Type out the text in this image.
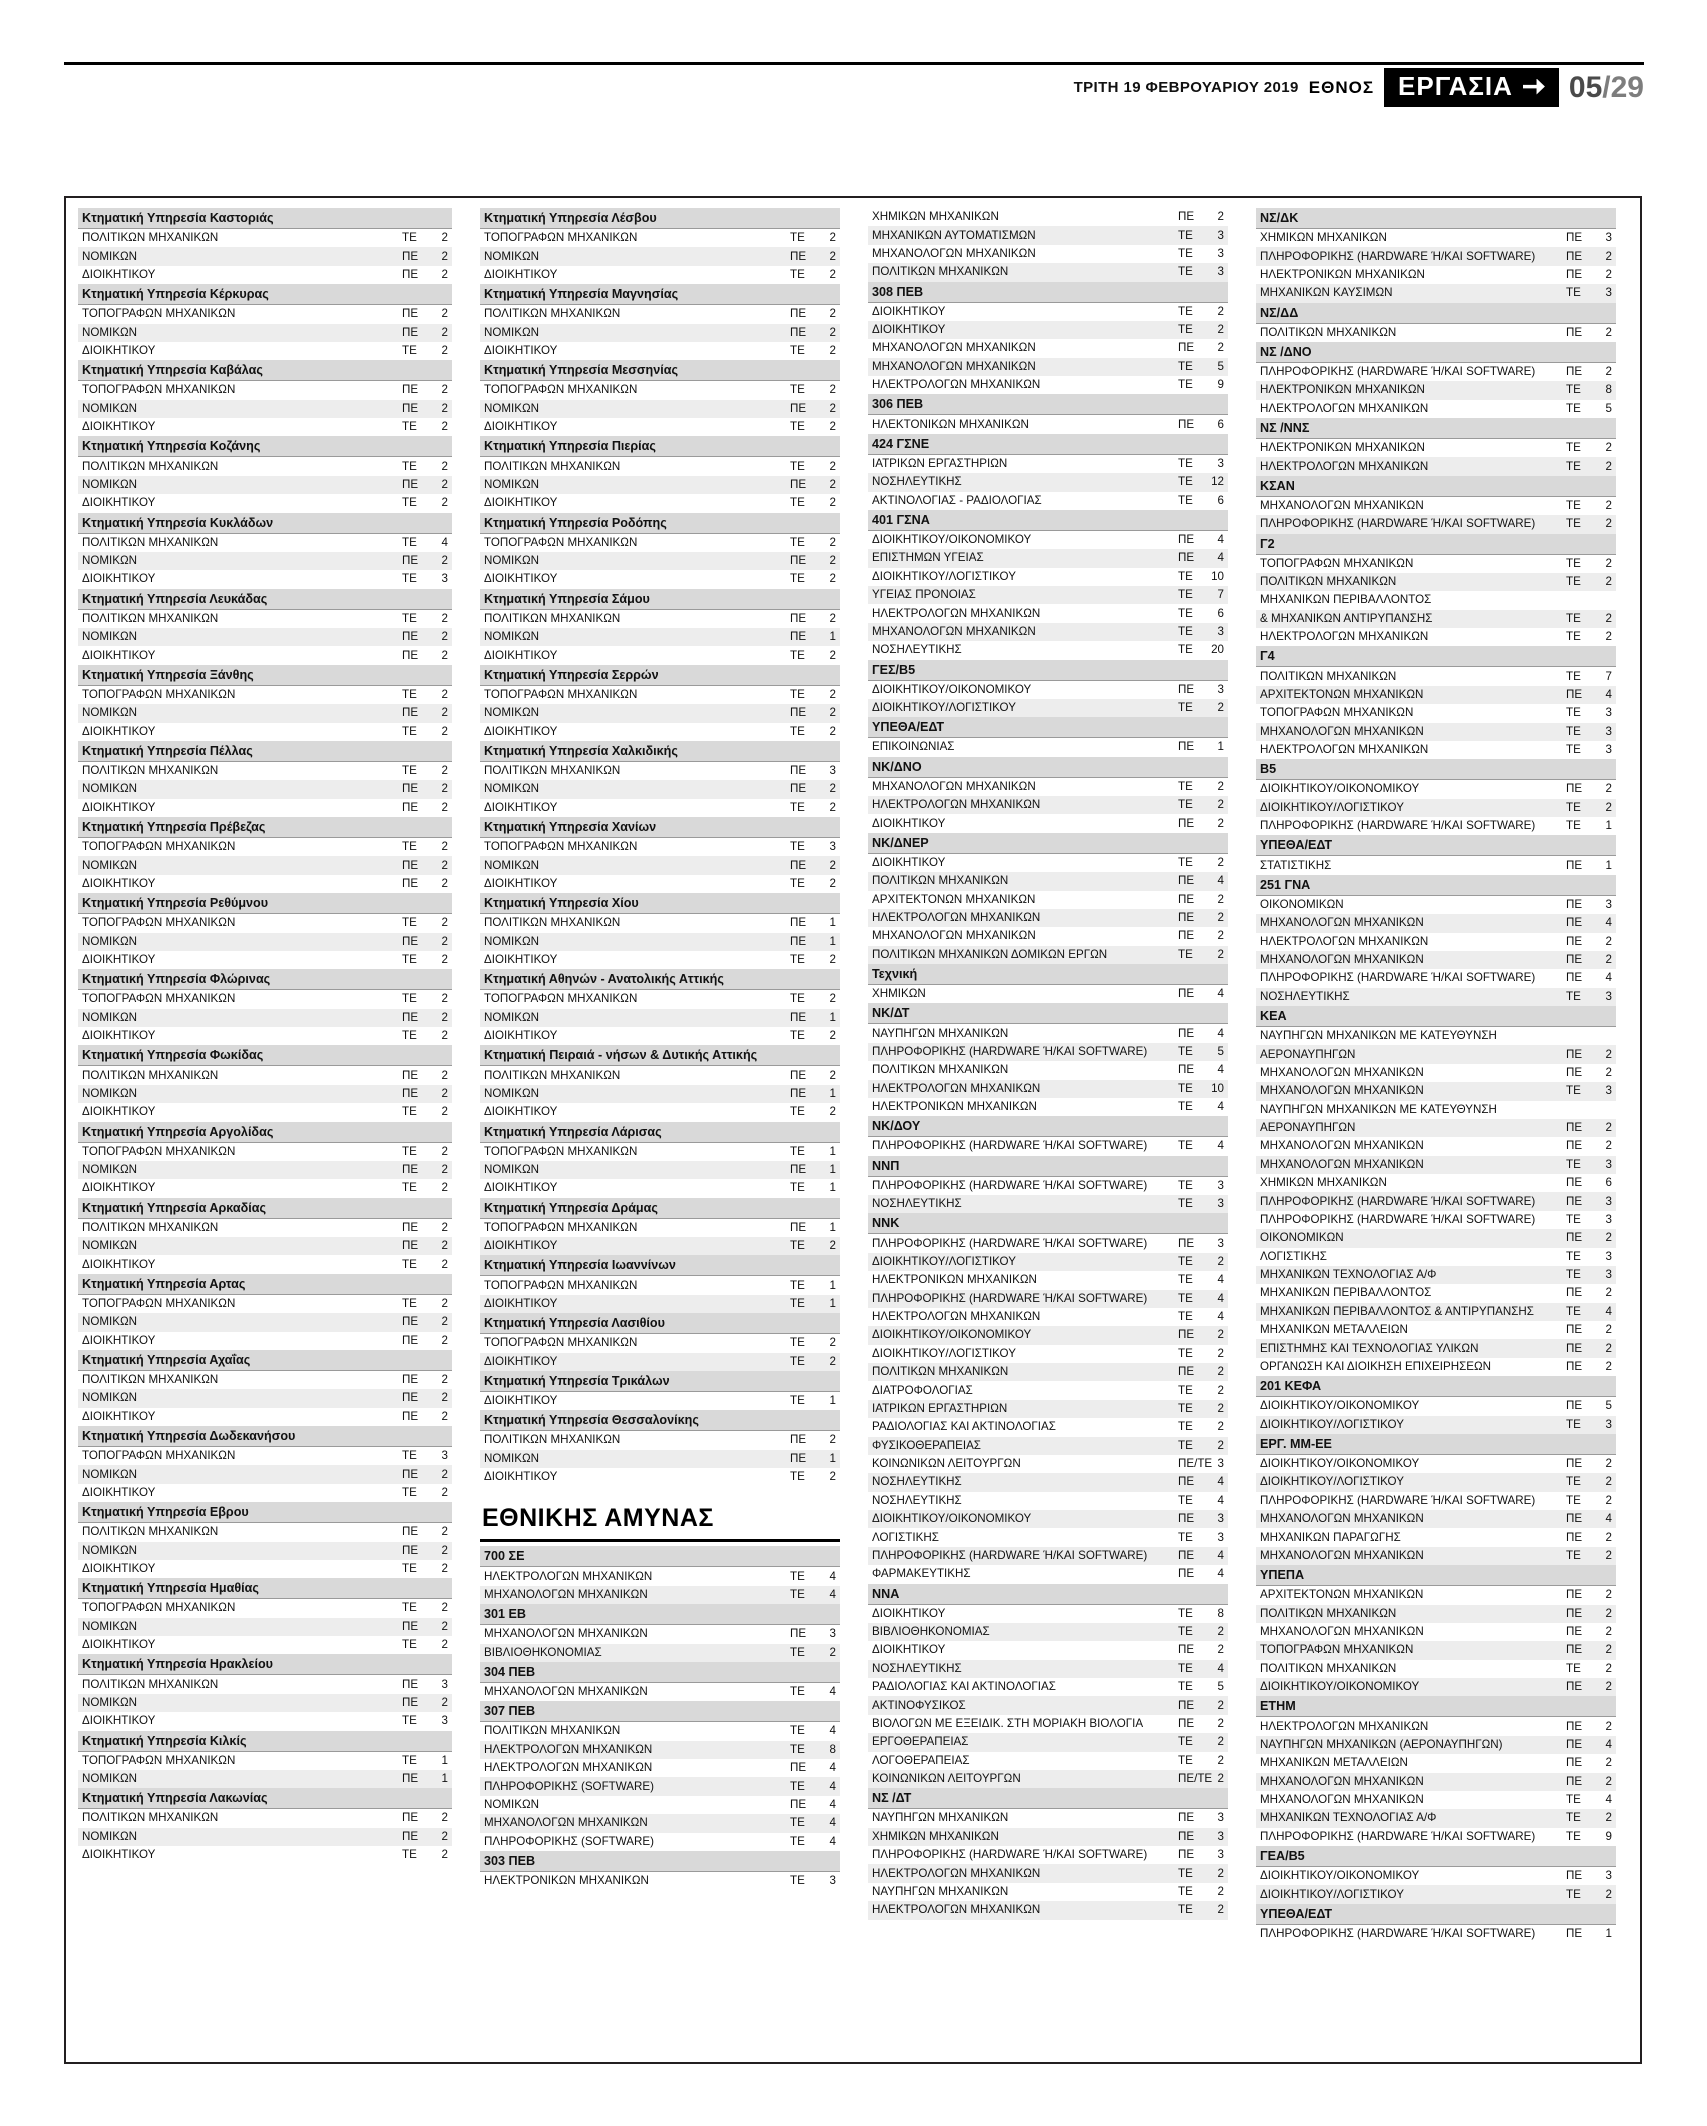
ΤΡΙΤΗ 19 ΦΕΒΡΟΥΑΡΙΟΥ 2019 ΕΘΝΟΣ ΕΡΓΑΣΙΑ 05/29
Κτηματική Υπηρεσία Καστοριάς
ΠΟΛΙΤΙΚΩΝ ΜΗΧΑΝΙΚΩΝ	ΤΕ	2
ΝΟΜΙΚΩΝ	ΠΕ	2
ΔΙΟΙΚΗΤΙΚΟΥ	ΠΕ	2
Κτηματική Υπηρεσία Κέρκυρας
ΤΟΠΟΓΡΑΦΩΝ ΜΗΧΑΝΙΚΩΝ	ΠΕ	2
ΝΟΜΙΚΩΝ	ΠΕ	2
ΔΙΟΙΚΗΤΙΚΟΥ	ΤΕ	2
Κτηματική Υπηρεσία Καβάλας
ΤΟΠΟΓΡΑΦΩΝ ΜΗΧΑΝΙΚΩΝ	ΠΕ	2
ΝΟΜΙΚΩΝ	ΠΕ	2
ΔΙΟΙΚΗΤΙΚΟΥ	ΤΕ	2
Κτηματική Υπηρεσία Κοζάνης
ΠΟΛΙΤΙΚΩΝ ΜΗΧΑΝΙΚΩΝ	ΤΕ	2
ΝΟΜΙΚΩΝ	ΠΕ	2
ΔΙΟΙΚΗΤΙΚΟΥ	ΤΕ	2
Κτηματική Υπηρεσία Κυκλάδων
ΠΟΛΙΤΙΚΩΝ ΜΗΧΑΝΙΚΩΝ	ΤΕ	4
ΝΟΜΙΚΩΝ	ΠΕ	2
ΔΙΟΙΚΗΤΙΚΟΥ	ΤΕ	3
Κτηματική Υπηρεσία Λευκάδας
ΠΟΛΙΤΙΚΩΝ ΜΗΧΑΝΙΚΩΝ	ΤΕ	2
ΝΟΜΙΚΩΝ	ΠΕ	2
ΔΙΟΙΚΗΤΙΚΟΥ	ΠΕ	2
Κτηματική Υπηρεσία Ξάνθης
ΤΟΠΟΓΡΑΦΩΝ ΜΗΧΑΝΙΚΩΝ	ΤΕ	2
ΝΟΜΙΚΩΝ	ΠΕ	2
ΔΙΟΙΚΗΤΙΚΟΥ	ΤΕ	2
Κτηματική Υπηρεσία Πέλλας
ΠΟΛΙΤΙΚΩΝ ΜΗΧΑΝΙΚΩΝ	ΤΕ	2
ΝΟΜΙΚΩΝ	ΠΕ	2
ΔΙΟΙΚΗΤΙΚΟΥ	ΠΕ	2
Κτηματική Υπηρεσία Πρέβεζας
ΤΟΠΟΓΡΑΦΩΝ ΜΗΧΑΝΙΚΩΝ	ΤΕ	2
ΝΟΜΙΚΩΝ	ΠΕ	2
ΔΙΟΙΚΗΤΙΚΟΥ	ΠΕ	2
Κτηματική Υπηρεσία Ρεθύμνου
ΤΟΠΟΓΡΑΦΩΝ ΜΗΧΑΝΙΚΩΝ	ΤΕ	2
ΝΟΜΙΚΩΝ	ΠΕ	2
ΔΙΟΙΚΗΤΙΚΟΥ	ΤΕ	2
Κτηματική Υπηρεσία Φλώρινας
ΤΟΠΟΓΡΑΦΩΝ ΜΗΧΑΝΙΚΩΝ	ΤΕ	2
ΝΟΜΙΚΩΝ	ΠΕ	2
ΔΙΟΙΚΗΤΙΚΟΥ	ΤΕ	2
Κτηματική Υπηρεσία Φωκίδας
ΠΟΛΙΤΙΚΩΝ ΜΗΧΑΝΙΚΩΝ	ΠΕ	2
ΝΟΜΙΚΩΝ	ΠΕ	2
ΔΙΟΙΚΗΤΙΚΟΥ	ΤΕ	2
Κτηματική Υπηρεσία Αργολίδας
ΤΟΠΟΓΡΑΦΩΝ ΜΗΧΑΝΙΚΩΝ	ΤΕ	2
ΝΟΜΙΚΩΝ	ΠΕ	2
ΔΙΟΙΚΗΤΙΚΟΥ	ΤΕ	2
Κτηματική Υπηρεσία Αρκαδίας
ΠΟΛΙΤΙΚΩΝ ΜΗΧΑΝΙΚΩΝ	ΠΕ	2
ΝΟΜΙΚΩΝ	ΠΕ	2
ΔΙΟΙΚΗΤΙΚΟΥ	ΤΕ	2
Κτηματική Υπηρεσία Αρτας
ΤΟΠΟΓΡΑΦΩΝ ΜΗΧΑΝΙΚΩΝ	ΤΕ	2
ΝΟΜΙΚΩΝ	ΠΕ	2
ΔΙΟΙΚΗΤΙΚΟΥ	ΠΕ	2
Κτηματική Υπηρεσία Αχαΐας
ΠΟΛΙΤΙΚΩΝ ΜΗΧΑΝΙΚΩΝ	ΠΕ	2
ΝΟΜΙΚΩΝ	ΠΕ	2
ΔΙΟΙΚΗΤΙΚΟΥ	ΠΕ	2
Κτηματική Υπηρεσία Δωδεκανήσου
ΤΟΠΟΓΡΑΦΩΝ ΜΗΧΑΝΙΚΩΝ	ΤΕ	3
ΝΟΜΙΚΩΝ	ΠΕ	2
ΔΙΟΙΚΗΤΙΚΟΥ	ΤΕ	2
Κτηματική Υπηρεσία Εβρου
ΠΟΛΙΤΙΚΩΝ ΜΗΧΑΝΙΚΩΝ	ΠΕ	2
ΝΟΜΙΚΩΝ	ΠΕ	2
ΔΙΟΙΚΗΤΙΚΟΥ	ΤΕ	2
Κτηματική Υπηρεσία Ημαθίας
ΤΟΠΟΓΡΑΦΩΝ ΜΗΧΑΝΙΚΩΝ	ΤΕ	2
ΝΟΜΙΚΩΝ	ΠΕ	2
ΔΙΟΙΚΗΤΙΚΟΥ	ΤΕ	2
Κτηματική Υπηρεσία Ηρακλείου
ΠΟΛΙΤΙΚΩΝ ΜΗΧΑΝΙΚΩΝ	ΠΕ	3
ΝΟΜΙΚΩΝ	ΠΕ	2
ΔΙΟΙΚΗΤΙΚΟΥ	ΤΕ	3
Κτηματική Υπηρεσία Κιλκίς
ΤΟΠΟΓΡΑΦΩΝ ΜΗΧΑΝΙΚΩΝ	ΤΕ	1
ΝΟΜΙΚΩΝ	ΠΕ	1
Κτηματική Υπηρεσία Λακωνίας
ΠΟΛΙΤΙΚΩΝ ΜΗΧΑΝΙΚΩΝ	ΠΕ	2
ΝΟΜΙΚΩΝ	ΠΕ	2
ΔΙΟΙΚΗΤΙΚΟΥ	ΤΕ	2
Κτηματική Υπηρεσία Λέσβου
ΤΟΠΟΓΡΑΦΩΝ ΜΗΧΑΝΙΚΩΝ	ΤΕ	2
ΝΟΜΙΚΩΝ	ΠΕ	2
ΔΙΟΙΚΗΤΙΚΟΥ	ΤΕ	2
Κτηματική Υπηρεσία Μαγνησίας
ΠΟΛΙΤΙΚΩΝ ΜΗΧΑΝΙΚΩΝ	ΠΕ	2
ΝΟΜΙΚΩΝ	ΠΕ	2
ΔΙΟΙΚΗΤΙΚΟΥ	ΤΕ	2
Κτηματική Υπηρεσία Μεσσηνίας
ΤΟΠΟΓΡΑΦΩΝ ΜΗΧΑΝΙΚΩΝ	ΤΕ	2
ΝΟΜΙΚΩΝ	ΠΕ	2
ΔΙΟΙΚΗΤΙΚΟΥ	ΤΕ	2
Κτηματική Υπηρεσία Πιερίας
ΠΟΛΙΤΙΚΩΝ ΜΗΧΑΝΙΚΩΝ	ΤΕ	2
ΝΟΜΙΚΩΝ	ΠΕ	2
ΔΙΟΙΚΗΤΙΚΟΥ	ΤΕ	2
Κτηματική Υπηρεσία Ροδόπης
ΤΟΠΟΓΡΑΦΩΝ ΜΗΧΑΝΙΚΩΝ	ΤΕ	2
ΝΟΜΙΚΩΝ	ΠΕ	2
ΔΙΟΙΚΗΤΙΚΟΥ	ΤΕ	2
Κτηματική Υπηρεσία Σάμου
ΠΟΛΙΤΙΚΩΝ ΜΗΧΑΝΙΚΩΝ	ΠΕ	2
ΝΟΜΙΚΩΝ	ΠΕ	1
ΔΙΟΙΚΗΤΙΚΟΥ	ΤΕ	2
Κτηματική Υπηρεσία Σερρών
ΤΟΠΟΓΡΑΦΩΝ ΜΗΧΑΝΙΚΩΝ	ΤΕ	2
ΝΟΜΙΚΩΝ	ΠΕ	2
ΔΙΟΙΚΗΤΙΚΟΥ	ΤΕ	2
Κτηματική Υπηρεσία Χαλκιδικής
ΠΟΛΙΤΙΚΩΝ ΜΗΧΑΝΙΚΩΝ	ΠΕ	3
ΝΟΜΙΚΩΝ	ΠΕ	2
ΔΙΟΙΚΗΤΙΚΟΥ	ΤΕ	2
Κτηματική Υπηρεσία Χανίων
ΤΟΠΟΓΡΑΦΩΝ ΜΗΧΑΝΙΚΩΝ	ΤΕ	3
ΝΟΜΙΚΩΝ	ΠΕ	2
ΔΙΟΙΚΗΤΙΚΟΥ	ΤΕ	2
Κτηματική Υπηρεσία Χίου
ΠΟΛΙΤΙΚΩΝ ΜΗΧΑΝΙΚΩΝ	ΠΕ	1
ΝΟΜΙΚΩΝ	ΠΕ	1
ΔΙΟΙΚΗΤΙΚΟΥ	ΤΕ	2
Κτηματική Αθηνών - Ανατολικής Αττικής
ΤΟΠΟΓΡΑΦΩΝ ΜΗΧΑΝΙΚΩΝ	ΤΕ	2
ΝΟΜΙΚΩΝ	ΠΕ	1
ΔΙΟΙΚΗΤΙΚΟΥ	ΤΕ	2
Κτηματική Πειραιά - νήσων & Δυτικής Αττικής
ΠΟΛΙΤΙΚΩΝ ΜΗΧΑΝΙΚΩΝ	ΠΕ	2
ΝΟΜΙΚΩΝ	ΠΕ	1
ΔΙΟΙΚΗΤΙΚΟΥ	ΤΕ	2
Κτηματική Υπηρεσία Λάρισας
ΤΟΠΟΓΡΑΦΩΝ ΜΗΧΑΝΙΚΩΝ	ΤΕ	1
ΝΟΜΙΚΩΝ	ΠΕ	1
ΔΙΟΙΚΗΤΙΚΟΥ	ΤΕ	1
Κτηματική Υπηρεσία Δράμας
ΤΟΠΟΓΡΑΦΩΝ ΜΗΧΑΝΙΚΩΝ	ΠΕ	1
ΔΙΟΙΚΗΤΙΚΟΥ	ΤΕ	2
Κτηματική Υπηρεσία Ιωαννίνων
ΤΟΠΟΓΡΑΦΩΝ ΜΗΧΑΝΙΚΩΝ	ΤΕ	1
ΔΙΟΙΚΗΤΙΚΟΥ	ΤΕ	1
Κτηματική Υπηρεσία Λασιθίου
ΤΟΠΟΓΡΑΦΩΝ ΜΗΧΑΝΙΚΩΝ	ΤΕ	2
ΔΙΟΙΚΗΤΙΚΟΥ	ΤΕ	2
Κτηματική Υπηρεσία Τρικάλων
ΔΙΟΙΚΗΤΙΚΟΥ	ΤΕ	1
Κτηματική Υπηρεσία Θεσσαλονίκης
ΠΟΛΙΤΙΚΩΝ ΜΗΧΑΝΙΚΩΝ	ΠΕ	2
ΝΟΜΙΚΩΝ	ΠΕ	1
ΔΙΟΙΚΗΤΙΚΟΥ	ΤΕ	2
ΕΘΝΙΚΗΣ ΑΜΥΝΑΣ
700 ΣΕ
ΗΛΕΚΤΡΟΛΟΓΩΝ ΜΗΧΑΝΙΚΩΝ	ΤΕ	4
ΜΗΧΑΝΟΛΟΓΩΝ ΜΗΧΑΝΙΚΩΝ	ΤΕ	4
301 ΕΒ
ΜΗΧΑΝΟΛΟΓΩΝ ΜΗΧΑΝΙΚΩΝ	ΠΕ	3
ΒΙΒΛΙΟΘΗΚΟΝΟΜΙΑΣ	ΤΕ	2
304 ΠΕΒ
ΜΗΧΑΝΟΛΟΓΩΝ ΜΗΧΑΝΙΚΩΝ	ΤΕ	4
307 ΠΕΒ
ΠΟΛΙΤΙΚΩΝ ΜΗΧΑΝΙΚΩΝ	ΤΕ	4
ΗΛΕΚΤΡΟΛΟΓΩΝ ΜΗΧΑΝΙΚΩΝ	ΤΕ	8
ΗΛΕΚΤΡΟΛΟΓΩΝ ΜΗΧΑΝΙΚΩΝ	ΠΕ	4
ΠΛΗΡΟΦΟΡΙΚΗΣ (SOFTWARE)	ΤΕ	4
ΝΟΜΙΚΩΝ	ΠΕ	4
ΜΗΧΑΝΟΛΟΓΩΝ ΜΗΧΑΝΙΚΩΝ	ΤΕ	4
ΠΛΗΡΟΦΟΡΙΚΗΣ (SOFTWARE)	ΤΕ	4
303 ΠΕΒ
ΗΛΕΚΤΡΟΝΙΚΩΝ ΜΗΧΑΝΙΚΩΝ	ΤΕ	3
ΧΗΜΙΚΩΝ ΜΗΧΑΝΙΚΩΝ	ΠΕ	2
ΜΗΧΑΝΙΚΩΝ ΑΥΤΟΜΑΤΙΣΜΩΝ	ΤΕ	3
ΜΗΧΑΝΟΛΟΓΩΝ ΜΗΧΑΝΙΚΩΝ	ΤΕ	3
ΠΟΛΙΤΙΚΩΝ ΜΗΧΑΝΙΚΩΝ	ΤΕ	3
308 ΠΕΒ
ΔΙΟΙΚΗΤΙΚΟΥ	ΤΕ	2
ΔΙΟΙΚΗΤΙΚΟΥ	ΤΕ	2
ΜΗΧΑΝΟΛΟΓΩΝ ΜΗΧΑΝΙΚΩΝ	ΠΕ	2
ΜΗΧΑΝΟΛΟΓΩΝ ΜΗΧΑΝΙΚΩΝ	ΤΕ	5
ΗΛΕΚΤΡΟΛΟΓΩΝ ΜΗΧΑΝΙΚΩΝ	ΤΕ	9
306 ΠΕΒ
ΗΛΕΚΤΟΝΙΚΩΝ ΜΗΧΑΝΙΚΩΝ	ΠΕ	6
424 ΓΣΝΕ
ΙΑΤΡΙΚΩΝ ΕΡΓΑΣΤΗΡΙΩΝ	ΤΕ	3
ΝΟΣΗΛΕΥΤΙΚΗΣ	ΤΕ	12
ΑΚΤΙΝΟΛΟΓΙΑΣ - ΡΑΔΙΟΛΟΓΙΑΣ	ΤΕ	6
401 ΓΣΝΑ
ΔΙΟΙΚΗΤΙΚΟΥ/ΟΙΚΟΝΟΜΙΚΟΥ	ΠΕ	4
ΕΠΙΣΤΗΜΩΝ ΥΓΕΙΑΣ	ΠΕ	4
ΔΙΟΙΚΗΤΙΚΟΥ/ΛΟΓΙΣΤΙΚΟΥ	ΤΕ	10
ΥΓΕΙΑΣ ΠΡΟΝΟΙΑΣ	ΤΕ	7
ΗΛΕΚΤΡΟΛΟΓΩΝ ΜΗΧΑΝΙΚΩΝ	ΤΕ	6
ΜΗΧΑΝΟΛΟΓΩΝ ΜΗΧΑΝΙΚΩΝ	ΤΕ	3
ΝΟΣΗΛΕΥΤΙΚΗΣ	ΤΕ	20
ΓΕΣ/Β5
ΔΙΟΙΚΗΤΙΚΟΥ/ΟΙΚΟΝΟΜΙΚΟΥ	ΠΕ	3
ΔΙΟΙΚΗΤΙΚΟΥ/ΛΟΓΙΣΤΙΚΟΥ	ΤΕ	2
ΥΠΕΘΑ/ΕΔΤ
ΕΠΙΚΟΙΝΩΝΙΑΣ	ΠΕ	1
ΝΚ/ΔΝΟ
ΜΗΧΑΝΟΛΟΓΩΝ ΜΗΧΑΝΙΚΩΝ	ΤΕ	2
ΗΛΕΚΤΡΟΛΟΓΩΝ ΜΗΧΑΝΙΚΩΝ	ΤΕ	2
ΔΙΟΙΚΗΤΙΚΟΥ	ΠΕ	2
ΝΚ/ΔΝΕΡ
ΔΙΟΙΚΗΤΙΚΟΥ	ΤΕ	2
ΠΟΛΙΤΙΚΩΝ ΜΗΧΑΝΙΚΩΝ	ΠΕ	4
ΑΡΧΙΤΕΚΤΟΝΩΝ ΜΗΧΑΝΙΚΩΝ	ΠΕ	2
ΗΛΕΚΤΡΟΛΟΓΩΝ ΜΗΧΑΝΙΚΩΝ	ΠΕ	2
ΜΗΧΑΝΟΛΟΓΩΝ ΜΗΧΑΝΙΚΩΝ	ΠΕ	2
ΠΟΛΙΤΙΚΩΝ ΜΗΧΑΝΙΚΩΝ ΔΟΜΙΚΩΝ ΕΡΓΩΝ	ΤΕ	2
Τεχνική
ΧΗΜΙΚΩΝ	ΠΕ	4
ΝΚ/ΔΤ
ΝΑΥΠΗΓΩΝ ΜΗΧΑΝΙΚΩΝ	ΠΕ	4
ΠΛΗΡΟΦΟΡΙΚΗΣ (HARDWARE Ή/ΚΑΙ SOFTWARE)	ΤΕ	5
ΠΟΛΙΤΙΚΩΝ ΜΗΧΑΝΙΚΩΝ	ΠΕ	4
ΗΛΕΚΤΡΟΛΟΓΩΝ ΜΗΧΑΝΙΚΩΝ	ΤΕ	10
ΗΛΕΚΤΡΟΝΙΚΩΝ ΜΗΧΑΝΙΚΩΝ	ΤΕ	4
ΝΚ/ΔΟΥ
ΠΛΗΡΟΦΟΡΙΚΗΣ (HARDWARE Ή/ΚΑΙ SOFTWARE)	ΤΕ	4
ΝΝΠ
ΠΛΗΡΟΦΟΡΙΚΗΣ (HARDWARE Ή/ΚΑΙ SOFTWARE)	ΤΕ	3
ΝΟΣΗΛΕΥΤΙΚΗΣ	ΤΕ	3
ΝΝΚ
ΠΛΗΡΟΦΟΡΙΚΗΣ (HARDWARE Ή/ΚΑΙ SOFTWARE)	ΠΕ	3
ΔΙΟΙΚΗΤΙΚΟΥ/ΛΟΓΙΣΤΙΚΟΥ	ΤΕ	2
ΗΛΕΚΤΡΟΝΙΚΩΝ ΜΗΧΑΝΙΚΩΝ	ΤΕ	4
ΠΛΗΡΟΦΟΡΙΚΗΣ (HARDWARE Ή/ΚΑΙ SOFTWARE)	ΤΕ	4
ΗΛΕΚΤΡΟΛΟΓΩΝ ΜΗΧΑΝΙΚΩΝ	ΤΕ	4
ΔΙΟΙΚΗΤΙΚΟΥ/ΟΙΚΟΝΟΜΙΚΟΥ	ΠΕ	2
ΔΙΟΙΚΗΤΙΚΟΥ/ΛΟΓΙΣΤΙΚΟΥ	ΤΕ	2
ΠΟΛΙΤΙΚΩΝ ΜΗΧΑΝΙΚΩΝ	ΠΕ	2
ΔΙΑΤΡΟΦΟΛΟΓΙΑΣ	ΤΕ	2
ΙΑΤΡΙΚΩΝ ΕΡΓΑΣΤΗΡΙΩΝ	ΤΕ	2
ΡΑΔΙΟΛΟΓΙΑΣ ΚΑΙ ΑΚΤΙΝΟΛΟΓΙΑΣ	ΤΕ	2
ΦΥΣΙΚΟΘΕΡΑΠΕΙΑΣ	ΤΕ	2
ΚΟΙΝΩΝΙΚΩΝ ΛΕΙΤΟΥΡΓΩΝ	ΠΕ/ΤΕ 3
ΝΟΣΗΛΕΥΤΙΚΗΣ	ΠΕ	4
ΝΟΣΗΛΕΥΤΙΚΗΣ	ΤΕ	4
ΔΙΟΙΚΗΤΙΚΟΥ/ΟΙΚΟΝΟΜΙΚΟΥ	ΠΕ	3
ΛΟΓΙΣΤΙΚΗΣ	ΤΕ	3
ΠΛΗΡΟΦΟΡΙΚΗΣ (HARDWARE Ή/ΚΑΙ SOFTWARE)	ΠΕ	4
ΦΑΡΜΑΚΕΥΤΙΚΗΣ	ΠΕ	4
ΝΝΑ
ΔΙΟΙΚΗΤΙΚΟΥ	ΤΕ	8
ΒΙΒΛΙΟΘΗΚΟΝΟΜΙΑΣ	ΤΕ	2
ΔΙΟΙΚΗΤΙΚΟΥ	ΠΕ	2
ΝΟΣΗΛΕΥΤΙΚΗΣ	ΤΕ	4
ΡΑΔΙΟΛΟΓΙΑΣ ΚΑΙ ΑΚΤΙΝΟΛΟΓΙΑΣ	ΤΕ	5
ΑΚΤΙΝΟΦΥΣΙΚΟΣ	ΠΕ	2
ΒΙΟΛΟΓΩΝ ΜΕ ΕΞΕΙΔΙΚ. ΣΤΗ ΜΟΡΙΑΚΗ ΒΙΟΛΟΓΙΑ	ΠΕ	2
ΕΡΓΟΘΕΡΑΠΕΙΑΣ	ΤΕ	2
ΛΟΓΟΘΕΡΑΠΕΙΑΣ	ΤΕ	2
ΚΟΙΝΩΝΙΚΩΝ ΛΕΙΤΟΥΡΓΩΝ	ΠΕ/ΤΕ 2
ΝΣ /ΔΤ
ΝΑΥΠΗΓΩΝ ΜΗΧΑΝΙΚΩΝ	ΠΕ	3
ΧΗΜΙΚΩΝ ΜΗΧΑΝΙΚΩΝ	ΠΕ	3
ΠΛΗΡΟΦΟΡΙΚΗΣ (HARDWARE Ή/ΚΑΙ SOFTWARE)	ΠΕ	3
ΗΛΕΚΤΡΟΛΟΓΩΝ ΜΗΧΑΝΙΚΩΝ	ΤΕ	2
ΝΑΥΠΗΓΩΝ ΜΗΧΑΝΙΚΩΝ	ΤΕ	2
ΗΛΕΚΤΡΟΛΟΓΩΝ ΜΗΧΑΝΙΚΩΝ	ΤΕ	2
ΝΣ/ΔΚ
ΧΗΜΙΚΩΝ ΜΗΧΑΝΙΚΩΝ	ΠΕ	3
ΠΛΗΡΟΦΟΡΙΚΗΣ (HARDWARE Ή/ΚΑΙ SOFTWARE)	ΠΕ	2
ΗΛΕΚΤΡΟΝΙΚΩΝ ΜΗΧΑΝΙΚΩΝ	ΠΕ	2
ΜΗΧΑΝΙΚΩΝ ΚΑΥΣΙΜΩΝ	ΤΕ	3
ΝΣ/ΔΔ
ΠΟΛΙΤΙΚΩΝ ΜΗΧΑΝΙΚΩΝ	ΠΕ	2
ΝΣ /ΔΝΟ
ΠΛΗΡΟΦΟΡΙΚΗΣ (HARDWARE Ή/ΚΑΙ SOFTWARE)	ΠΕ	2
ΗΛΕΚΤΡΟΝΙΚΩΝ ΜΗΧΑΝΙΚΩΝ	ΤΕ	8
ΗΛΕΚΤΡΟΛΟΓΩΝ ΜΗΧΑΝΙΚΩΝ	ΤΕ	5
ΝΣ /ΝΝΣ
ΗΛΕΚΤΡΟΝΙΚΩΝ ΜΗΧΑΝΙΚΩΝ	ΤΕ	2
ΗΛΕΚΤΡΟΛΟΓΩΝ ΜΗΧΑΝΙΚΩΝ	ΤΕ	2
ΚΣΑΝ
ΜΗΧΑΝΟΛΟΓΩΝ ΜΗΧΑΝΙΚΩΝ	ΤΕ	2
ΠΛΗΡΟΦΟΡΙΚΗΣ (HARDWARE Ή/ΚΑΙ SOFTWARE)	ΤΕ	2
Γ2
ΤΟΠΟΓΡΑΦΩΝ ΜΗΧΑΝΙΚΩΝ	ΤΕ	2
ΠΟΛΙΤΙΚΩΝ ΜΗΧΑΝΙΚΩΝ	ΤΕ	2
ΜΗΧΑΝΙΚΩΝ ΠΕΡΙΒΑΛΛΟΝΤΟΣ
& ΜΗΧΑΝΙΚΩΝ ΑΝΤΙΡΥΠΑΝΣΗΣ	ΤΕ	2
ΗΛΕΚΤΡΟΛΟΓΩΝ ΜΗΧΑΝΙΚΩΝ	ΤΕ	2
Γ4
ΠΟΛΙΤΙΚΩΝ ΜΗΧΑΝΙΚΩΝ	ΤΕ	7
ΑΡΧΙΤΕΚΤΟΝΩΝ ΜΗΧΑΝΙΚΩΝ	ΠΕ	4
ΤΟΠΟΓΡΑΦΩΝ ΜΗΧΑΝΙΚΩΝ	ΤΕ	3
ΜΗΧΑΝΟΛΟΓΩΝ ΜΗΧΑΝΙΚΩΝ	ΤΕ	3
ΗΛΕΚΤΡΟΛΟΓΩΝ ΜΗΧΑΝΙΚΩΝ	ΤΕ	3
Β5
ΔΙΟΙΚΗΤΙΚΟΥ/ΟΙΚΟΝΟΜΙΚΟΥ	ΠΕ	2
ΔΙΟΙΚΗΤΙΚΟΥ/ΛΟΓΙΣΤΙΚΟΥ	ΤΕ	2
ΠΛΗΡΟΦΟΡΙΚΗΣ (HARDWARE Ή/ΚΑΙ SOFTWARE)	ΤΕ	1
ΥΠΕΘΑ/ΕΔΤ
ΣΤΑΤΙΣΤΙΚΗΣ	ΠΕ	1
251 ΓΝΑ
ΟΙΚΟΝΟΜΙΚΩΝ	ΠΕ	3
ΜΗΧΑΝΟΛΟΓΩΝ ΜΗΧΑΝΙΚΩΝ	ΠΕ	4
ΗΛΕΚΤΡΟΛΟΓΩΝ ΜΗΧΑΝΙΚΩΝ	ΠΕ	2
ΜΗΧΑΝΟΛΟΓΩΝ ΜΗΧΑΝΙΚΩΝ	ΠΕ	2
ΠΛΗΡΟΦΟΡΙΚΗΣ (HARDWARE Ή/ΚΑΙ SOFTWARE)	ΠΕ	4
ΝΟΣΗΛΕΥΤΙΚΗΣ	ΤΕ	3
ΚΕΑ
ΝΑΥΠΗΓΩΝ ΜΗΧΑΝΙΚΩΝ ΜΕ ΚΑΤΕΥΘΥΝΣΗ
ΑΕΡΟΝΑΥΠΗΓΩΝ	ΠΕ	2
ΜΗΧΑΝΟΛΟΓΩΝ ΜΗΧΑΝΙΚΩΝ	ΠΕ	2
ΜΗΧΑΝΟΛΟΓΩΝ ΜΗΧΑΝΙΚΩΝ	ΤΕ	3
ΝΑΥΠΗΓΩΝ ΜΗΧΑΝΙΚΩΝ ΜΕ ΚΑΤΕΥΘΥΝΣΗ
ΑΕΡΟΝΑΥΠΗΓΩΝ	ΠΕ	2
ΜΗΧΑΝΟΛΟΓΩΝ ΜΗΧΑΝΙΚΩΝ	ΠΕ	2
ΜΗΧΑΝΟΛΟΓΩΝ ΜΗΧΑΝΙΚΩΝ	ΤΕ	3
ΧΗΜΙΚΩΝ ΜΗΧΑΝΙΚΩΝ	ΠΕ	6
ΠΛΗΡΟΦΟΡΙΚΗΣ (HARDWARE Ή/ΚΑΙ SOFTWARE)	ΠΕ	3
ΠΛΗΡΟΦΟΡΙΚΗΣ (HARDWARE Ή/ΚΑΙ SOFTWARE)	ΤΕ	3
ΟΙΚΟΝΟΜΙΚΩΝ	ΠΕ	2
ΛΟΓΙΣΤΙΚΗΣ	ΤΕ	3
ΜΗΧΑΝΙΚΩΝ ΤΕΧΝΟΛΟΓΙΑΣ Α/Φ	ΤΕ	3
ΜΗΧΑΝΙΚΩΝ ΠΕΡΙΒΑΛΛΟΝΤΟΣ	ΠΕ	2
ΜΗΧΑΝΙΚΩΝ ΠΕΡΙΒΑΛΛΟΝΤΟΣ & ΑΝΤΙΡΥΠΑΝΣΗΣ	ΤΕ	4
ΜΗΧΑΝΙΚΩΝ ΜΕΤΑΛΛΕΙΩΝ	ΠΕ	2
ΕΠΙΣΤΗΜΗΣ ΚΑΙ ΤΕΧΝΟΛΟΓΙΑΣ ΥΛΙΚΩΝ	ΠΕ	2
ΟΡΓΑΝΩΣΗ ΚΑΙ ΔΙΟΙΚΗΣΗ ΕΠΙΧΕΙΡΗΣΕΩΝ	ΠΕ	2
201 ΚΕΦΑ
ΔΙΟΙΚΗΤΙΚΟΥ/ΟΙΚΟΝΟΜΙΚΟΥ	ΠΕ	5
ΔΙΟΙΚΗΤΙΚΟΥ/ΛΟΓΙΣΤΙΚΟΥ	ΤΕ	3
ΕΡΓ. ΜΜ-ΕΕ
ΔΙΟΙΚΗΤΙΚΟΥ/ΟΙΚΟΝΟΜΙΚΟΥ	ΠΕ	2
ΔΙΟΙΚΗΤΙΚΟΥ/ΛΟΓΙΣΤΙΚΟΥ	ΤΕ	2
ΠΛΗΡΟΦΟΡΙΚΗΣ (HARDWARE Ή/ΚΑΙ SOFTWARE)	ΤΕ	2
ΜΗΧΑΝΟΛΟΓΩΝ ΜΗΧΑΝΙΚΩΝ	ΠΕ	4
ΜΗΧΑΝΙΚΩΝ ΠΑΡΑΓΩΓΗΣ	ΠΕ	2
ΜΗΧΑΝΟΛΟΓΩΝ ΜΗΧΑΝΙΚΩΝ	ΤΕ	2
ΥΠΕΠΑ
ΑΡΧΙΤΕΚΤΟΝΩΝ ΜΗΧΑΝΙΚΩΝ	ΠΕ	2
ΠΟΛΙΤΙΚΩΝ ΜΗΧΑΝΙΚΩΝ	ΠΕ	2
ΜΗΧΑΝΟΛΟΓΩΝ ΜΗΧΑΝΙΚΩΝ	ΠΕ	2
ΤΟΠΟΓΡΑΦΩΝ ΜΗΧΑΝΙΚΩΝ	ΠΕ	2
ΠΟΛΙΤΙΚΩΝ ΜΗΧΑΝΙΚΩΝ	ΤΕ	2
ΔΙΟΙΚΗΤΙΚΟΥ/ΟΙΚΟΝΟΜΙΚΟΥ	ΠΕ	2
ΕΤΗΜ
ΗΛΕΚΤΡΟΛΟΓΩΝ ΜΗΧΑΝΙΚΩΝ	ΠΕ	2
ΝΑΥΠΗΓΩΝ ΜΗΧΑΝΙΚΩΝ (ΑΕΡΟΝΑΥΠΗΓΩΝ)	ΠΕ	4
ΜΗΧΑΝΙΚΩΝ ΜΕΤΑΛΛΕΙΩΝ	ΠΕ	2
ΜΗΧΑΝΟΛΟΓΩΝ ΜΗΧΑΝΙΚΩΝ	ΠΕ	2
ΜΗΧΑΝΟΛΟΓΩΝ ΜΗΧΑΝΙΚΩΝ	ΤΕ	4
ΜΗΧΑΝΙΚΩΝ ΤΕΧΝΟΛΟΓΙΑΣ Α/Φ	ΤΕ	2
ΠΛΗΡΟΦΟΡΙΚΗΣ (HARDWARE Ή/ΚΑΙ SOFTWARE)	ΤΕ	9
ΓΕΑ/Β5
ΔΙΟΙΚΗΤΙΚΟΥ/ΟΙΚΟΝΟΜΙΚΟΥ	ΠΕ	3
ΔΙΟΙΚΗΤΙΚΟΥ/ΛΟΓΙΣΤΙΚΟΥ	ΤΕ	2
ΥΠΕΘΑ/ΕΔΤ
ΠΛΗΡΟΦΟΡΙΚΗΣ (HARDWARE Ή/ΚΑΙ SOFTWARE)	ΠΕ	1
